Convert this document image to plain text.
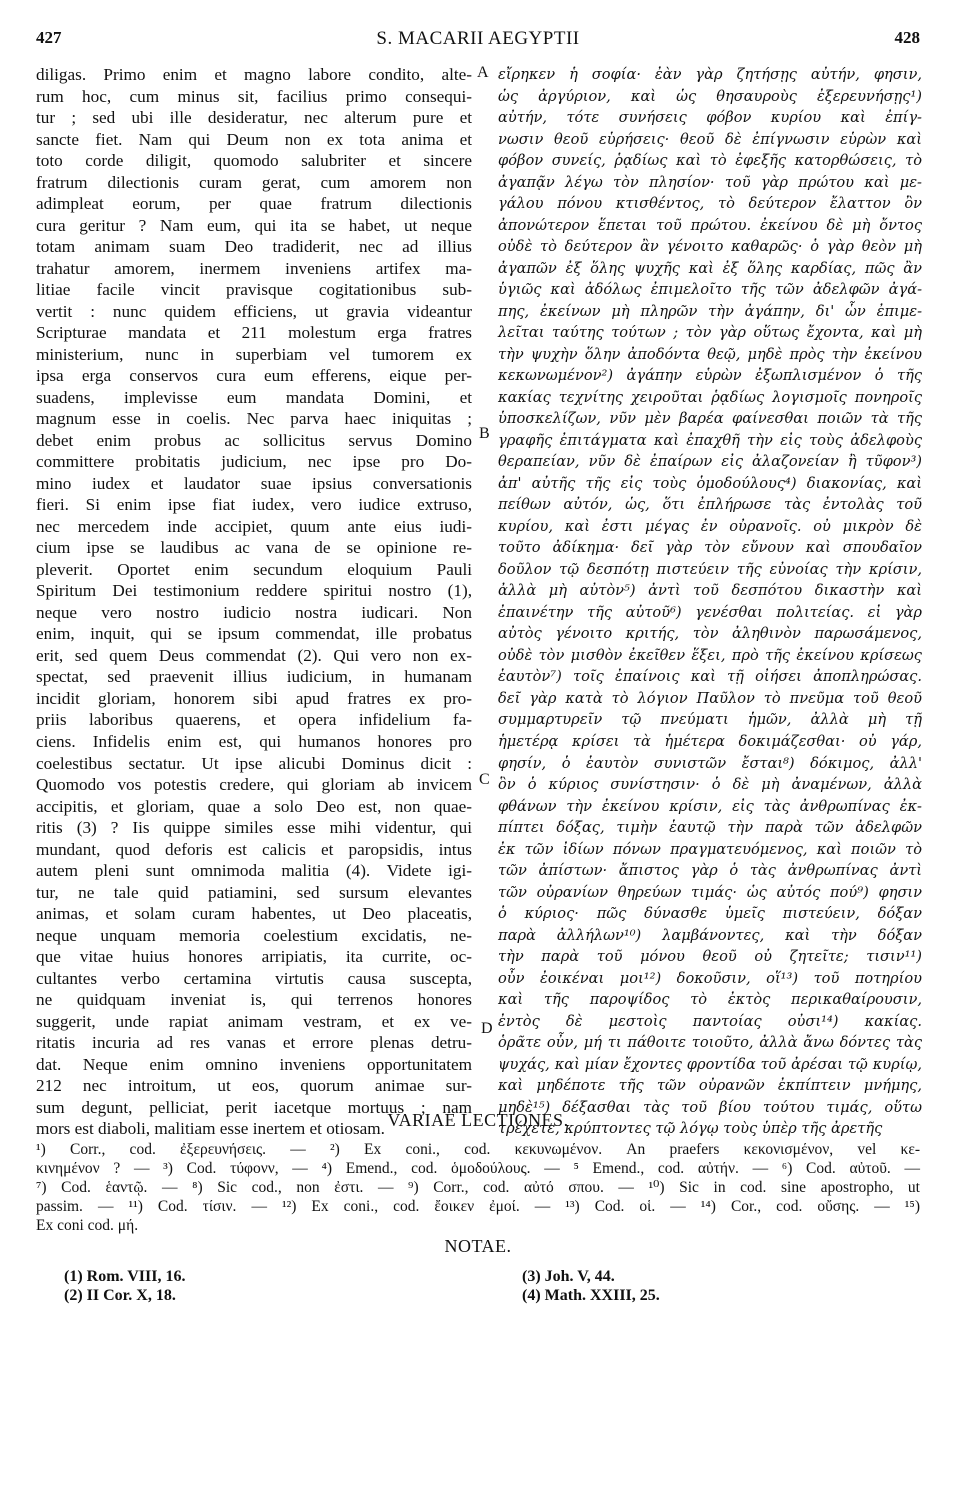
427	S. MACARII AEGYPTII	428
diligas. Primo enim et magno labore condito, alte-
rum hoc, cum minus sit, facilius primo consequi-
tur ; sed ubi ille desideratur, nec alterum pure et
sancte fiet. Nam qui Deum non ex tota anima et
toto corde diligit, quomodo salubriter et sincere
fratrum dilectionis curam gerat, cum amorem non
adimpleat eorum, per quae fratrum dilectionis
cura geritur ? Nam eum, qui ita se habet, ut neque
totam animam suam Deo tradiderit, nec ad illius
trahatur amorem, inermem inveniens artifex ma-
litiae facile vincit pravisque cogitationibus sub-
vertit : nunc quidem efficiens, ut gravia videantur
Scripturae mandata et 211 molestum erga fratres
ministerium, nunc in superbiam vel tumorem ex
ipsa erga conservos cura eum efferens, eique per-
suadens, implevisse eum mandata Domini, et
magnum esse in coelis. Nec parva haec iniquitas ;
debet enim probus ac sollicitus servus Domino
committere probitatis judicium, nec ipse pro Do-
mino iudex et laudator suae ipsius conversationis
fieri. Si enim ipse fiat iudex, vero iudice extruso,
nec mercedem inde accipiet, quum ante eius iudi-
cium ipse se laudibus ac vana de se opinione re-
pleverit. Oportet enim secundum eloquium Pauli
Spiritum Dei testimonium reddere spiritui nostro (1),
neque vero nostro iudicio nostra iudicari. Non
enim, inquit, qui se ipsum commendat, ille probatus
erit, sed quem Deus commendat (2). Qui vero non ex-
spectat, sed praevenit illius iudicium, in humanam
incidit gloriam, honorem sibi apud fratres ex pro-
priis laboribus quaerens, et opera infidelium fa-
ciens. Infidelis enim est, qui humanos honores pro
coelestibus sectatur. Ut ipse alicubi Dominus dicit :
Quomodo vos potestis credere, qui gloriam ab invicem
accipitis, et gloriam, quae a solo Deo est, non quae-
ritis (3) ? Iis quippe similes esse mihi videntur, qui
mundant, quod deforis est calicis et paropsidis, intus
autem pleni sunt omnimoda malitia (4). Videte igi-
tur, ne tale quid patiamini, sed sursum elevantes
animas, et solam curam habentes, ut Deo placeatis,
neque unquam memoria coelestium excidatis, ne-
que vitae huius honores arripiatis, ita currite, oc-
cultantes verbo certamina virtutis causa suscepta,
ne quidquam inveniat is, qui terrenos honores
suggerit, unde rapiat animam vestram, et ex ve-
ritatis incuria ad res vanas et errore plenas detru-
dat. Neque enim omnino inveniens opportunitatem
212 nec introitum, ut eos, quorum animae sur-
sum degunt, pelliciat, perit iacetque mortuus ; nam
mors est diaboli, malitiam esse inertem et otiosam.
εἴρηκεν ἡ σοφία· ἐὰν γὰρ ζητήσῃς αὐτήν, φησιν,
ὡς ἀργύριον, καὶ ὡς θησαυροὺς ἐξερευνήσῃς¹)
αὐτήν, τότε συνήσεις φόβον κυρίου καὶ ἐπίγ-
νωσιν θεοῦ εὑρήσεις· θεοῦ δὲ ἐπίγνωσιν εὑρὼν καὶ
φόβον συνείς, ῥᾳδίως καὶ τὸ ἐφεξῆς κατορθώσεις, τὸ
ἀγαπᾷν λέγω τὸν πλησίον· τοῦ γὰρ πρώτου καὶ με-
γάλου πόνου κτισθέντος, τὸ δεύτερον ἔλαττον ὂν
ἀπονώτερον ἕπεται τοῦ πρώτου. ἐκείνου δὲ μὴ ὄντος
οὐδὲ τὸ δεύτερον ἂν γένοιτο καθαρῶς· ὁ γὰρ θεὸν μὴ
ἀγαπῶν ἐξ ὅλης ψυχῆς καὶ ἐξ ὅλης καρδίας, πῶς ἂν
ὑγιῶς καὶ ἀδόλως ἐπιμελοῖτο τῆς τῶν ἀδελφῶν ἀγά-
πης, ἐκείνων μὴ πληρῶν τὴν ἀγάπην, δι' ὧν ἐπιμε-
λεῖται ταύτης τούτων ; τὸν γὰρ οὕτως ἔχοντα, καὶ μὴ
τὴν ψυχὴν ὅλην ἀποδόντα θεῷ, μηδὲ πρὸς τὴν ἐκείνου
κεκωνωμένον²) ἀγάπην εὑρὼν ἐξωπλισμένον ὁ τῆς
κακίας τεχνίτης χειροῦται ῥᾳδίως λογισμοῖς πονηροῖς
ὑποσκελίζων, νῦν μὲν βαρέα φαίνεσθαι ποιῶν τὰ τῆς
γραφῆς ἐπιτάγματα καὶ ἐπαχθῆ τὴν εἰς τοὺς ἀδελφοὺς
θεραπείαν, νῦν δὲ ἐπαίρων εἰς ἀλαζονείαν ἢ τῦφον³)
ἀπ' αὐτῆς τῆς εἰς τοὺς ὁμοδούλους⁴) διακονίας, καὶ
πείθων αὐτόν, ὡς, ὅτι ἐπλήρωσε τὰς ἐντολὰς τοῦ
κυρίου, καὶ ἐστι μέγας ἐν οὐρανοῖς. οὐ μικρὸν δὲ
τοῦτο ἀδίκημα· δεῖ γὰρ τὸν εὔνουν καὶ σπουδαῖον
δοῦλον τῷ δεσπότῃ πιστεύειν τῆς εὐνοίας τὴν κρίσιν,
ἀλλὰ μὴ αὐτὸν⁵) ἀντὶ τοῦ δεσπότου δικαστὴν καὶ
ἐπαινέτην τῆς αὐτοῦ⁶) γενέσθαι πολιτείας. εἰ γὰρ
αὐτὸς γένοιτο κριτής, τὸν ἀληθινὸν παρωσάμενος,
οὐδὲ τὸν μισθὸν ἐκεῖθεν ἕξει, πρὸ τῆς ἐκείνου κρίσεως
ἑαυτὸν⁷) τοῖς ἐπαίνοις καὶ τῇ οἰήσει ἀποπληρώσας.
δεῖ γὰρ κατὰ τὸ λόγιον Παῦλον τὸ πνεῦμα τοῦ θεοῦ
συμμαρτυρεῖν τῷ πνεύματι ἡμῶν, ἀλλὰ μὴ τῇ
ἡμετέρᾳ κρίσει τὰ ἡμέτερα δοκιμάζεσθαι· οὐ γάρ,
φησίν, ὁ ἑαυτὸν συνιστῶν ἔσται⁸) δόκιμος, ἀλλ'
ὃν ὁ κύριος συνίστησιν· ὁ δὲ μὴ ἀναμένων, ἀλλὰ
φθάνων τὴν ἐκείνου κρίσιν, εἰς τὰς ἀνθρωπίνας ἐκ-
πίπτει δόξας, τιμὴν ἑαυτῷ τὴν παρὰ τῶν ἀδελφῶν
ἐκ τῶν ἰδίων πόνων πραγματευόμενος, καὶ ποιῶν τὸ
τῶν ἀπίστων· ἄπιστος γὰρ ὁ τὰς ἀνθρωπίνας ἀντὶ
τῶν οὐρανίων θηρεύων τιμάς· ὡς αὐτός πού⁹) φησιν
ὁ κύριος· πῶς δύνασθε ὑμεῖς πιστεύειν, δόξαν
παρὰ ἀλλήλων¹⁰) λαμβάνοντες, καὶ τὴν δόξαν
τὴν παρὰ τοῦ μόνου θεοῦ οὐ ζητεῖτε; τισιν¹¹)
οὖν ἐοικέναι μοι¹²) δοκοῦσιν, οἵ¹³) τοῦ ποτηρίου
καὶ τῆς παροψίδος τὸ ἐκτὸς περικαθαίρουσιν,
ἐντὸς δὲ μεστοὶς παντοίας οὐσι¹⁴) κακίας.
ὁρᾶτε οὖν, μή τι πάθοιτε τοιοῦτο, ἀλλὰ ἄνω δόντες τὰς
ψυχάς, καὶ μίαν ἔχοντες φροντίδα τοῦ ἀρέσαι τῷ κυρίῳ,
καὶ μηδέποτε τῆς τῶν οὐρανῶν ἐκπίπτειν μνήμης,
μηδὲ¹⁵) δέξασθαι τὰς τοῦ βίου τούτου τιμάς, οὕτω
τρέχετε, κρύπτοντες τῷ λόγῳ τοὺς ὑπὲρ τῆς ἀρετῆς
A
B
C
D
VARIAE LECTIONES.
¹) Corr., cod. ἐξερευνήσεις. — ²) Ex coni., cod. κεκυνωμένον. An praefers κεκονισμένον, vel κε-
κινημένον ? — ³) Cod. τύφονν, — ⁴) Emend., cod. ὁμοδούλους. — ⁵ Emend., cod. αὐτήν. — ⁶) Cod. αὐτοῦ. —
⁷) Cod. ἑαντῷ. — ⁸) Sic cod., non ἐστι. — ⁹) Corr., cod. αὐτό σπου. — ¹⁰) Sic in cod. sine apostropho, ut
passim. — ¹¹) Cod. τίσιν. — ¹²) Ex coni., cod. ἔοικεν ἐμοί. — ¹³) Cod. οἱ. — ¹⁴) Cor., cod. οὔσης. — ¹⁵)
Ex coni cod. μή.
NOTAE.
(1) Rom. VIII, 16.
(2) II Cor. X, 18.
(3) Joh. V, 44.
(4) Math. XXIII, 25.
